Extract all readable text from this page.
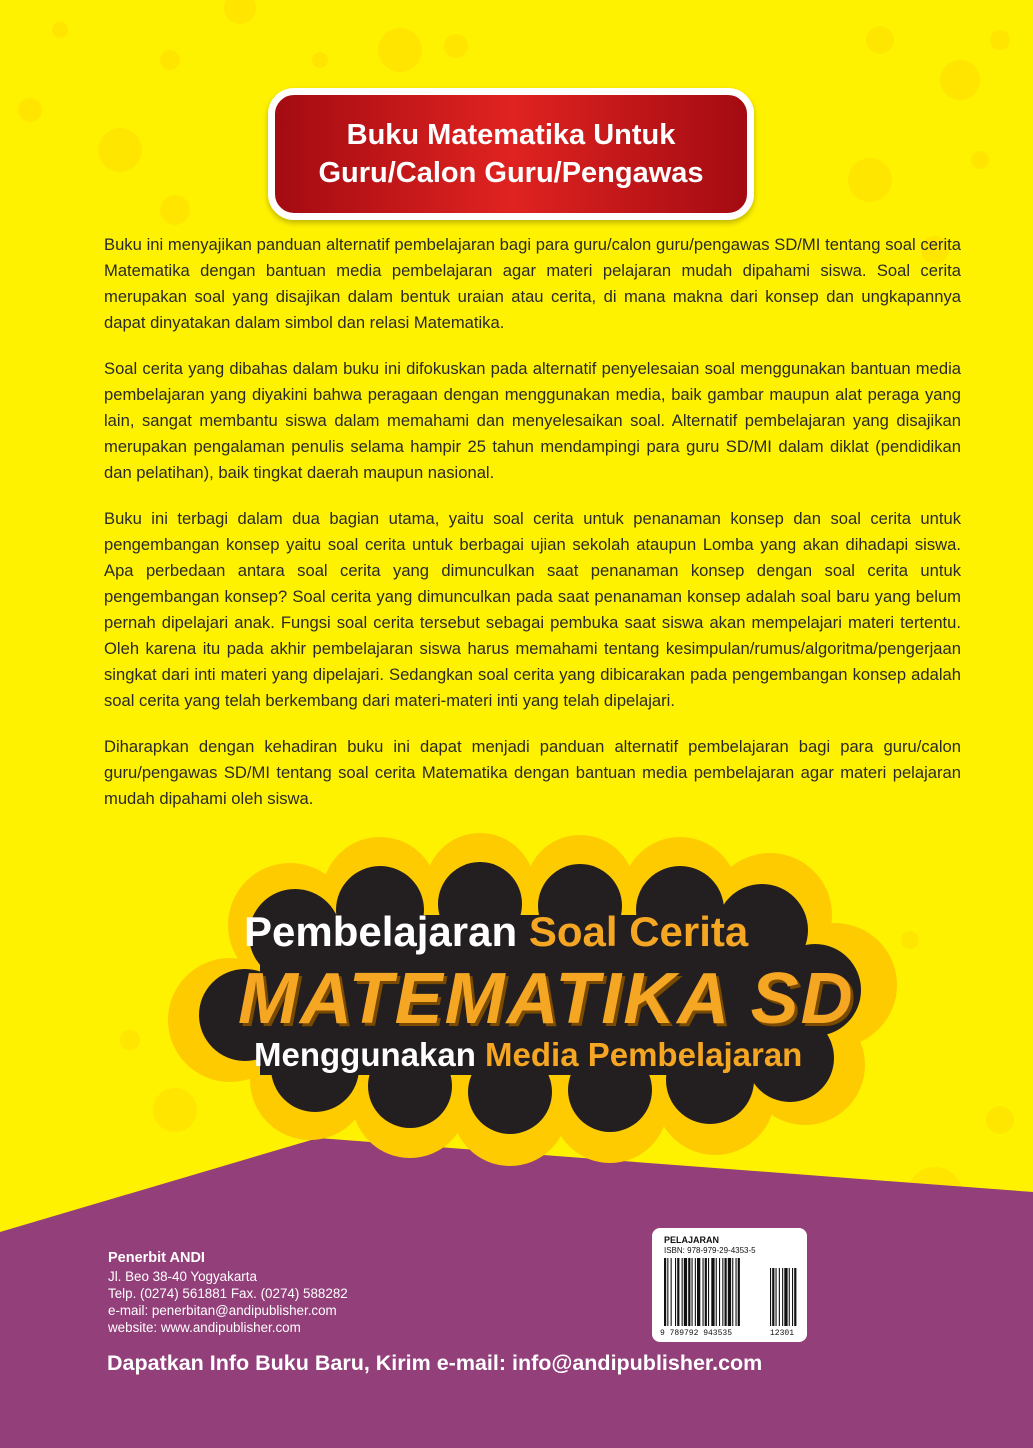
Buku Matematika Untuk
Guru/Calon Guru/Pengawas

Buku ini menyajikan panduan alternatif pembelajaran bagi para guru/calon guru/pengawas SD/MI tentang soal cerita Matematika dengan bantuan media pembelajaran agar materi pelajaran mudah dipahami siswa. Soal cerita merupakan soal yang disajikan dalam bentuk uraian atau cerita, di mana makna dari konsep dan ungkapannya dapat dinyatakan dalam simbol dan relasi Matematika.

Soal cerita yang dibahas dalam buku ini difokuskan pada alternatif penyelesaian soal menggunakan bantuan media pembelajaran yang diyakini bahwa peragaan dengan menggunakan media, baik gambar maupun alat peraga yang lain, sangat membantu siswa dalam memahami dan menyelesaikan soal. Alternatif pembelajaran yang disajikan merupakan pengalaman penulis selama hampir 25 tahun mendampingi para guru SD/MI dalam diklat (pendidikan dan pelatihan), baik tingkat daerah maupun nasional.

Buku ini terbagi dalam dua bagian utama, yaitu soal cerita untuk penanaman konsep dan soal cerita untuk pengembangan konsep yaitu soal cerita untuk berbagai ujian sekolah ataupun Lomba yang akan dihadapi siswa. Apa perbedaan antara soal cerita yang dimunculkan saat penanaman konsep dengan soal cerita untuk pengembangan konsep? Soal cerita yang dimunculkan pada saat penanaman konsep adalah soal baru yang belum pernah dipelajari anak. Fungsi soal cerita tersebut sebagai pembuka saat siswa akan mempelajari materi tertentu. Oleh karena itu pada akhir pembelajaran siswa harus memahami tentang kesimpulan/rumus/algoritma/pengerjaan singkat dari inti materi yang dipelajari. Sedangkan soal cerita yang dibicarakan pada pengembangan konsep adalah soal cerita yang telah berkembang dari materi-materi inti yang telah dipelajari.

Diharapkan dengan kehadiran buku ini dapat menjadi panduan alternatif pembelajaran bagi para guru/calon guru/pengawas SD/MI tentang soal cerita Matematika dengan bantuan media pembelajaran agar materi pelajaran mudah dipahami oleh siswa.

Pembelajaran Soal Cerita
MATEMATIKA SD
Menggunakan Media Pembelajaran
Penerbit ANDI
Jl. Beo 38-40 Yogyakarta
Telp. (0274) 561881 Fax. (0274) 588282
e-mail: penerbitan@andipublisher.com
website: www.andipublisher.com
PELAJARAN
ISBN: 978-979-29-4353-5
9 789792 943535	12301
Dapatkan Info Buku Baru, Kirim e-mail: info@andipublisher.com
